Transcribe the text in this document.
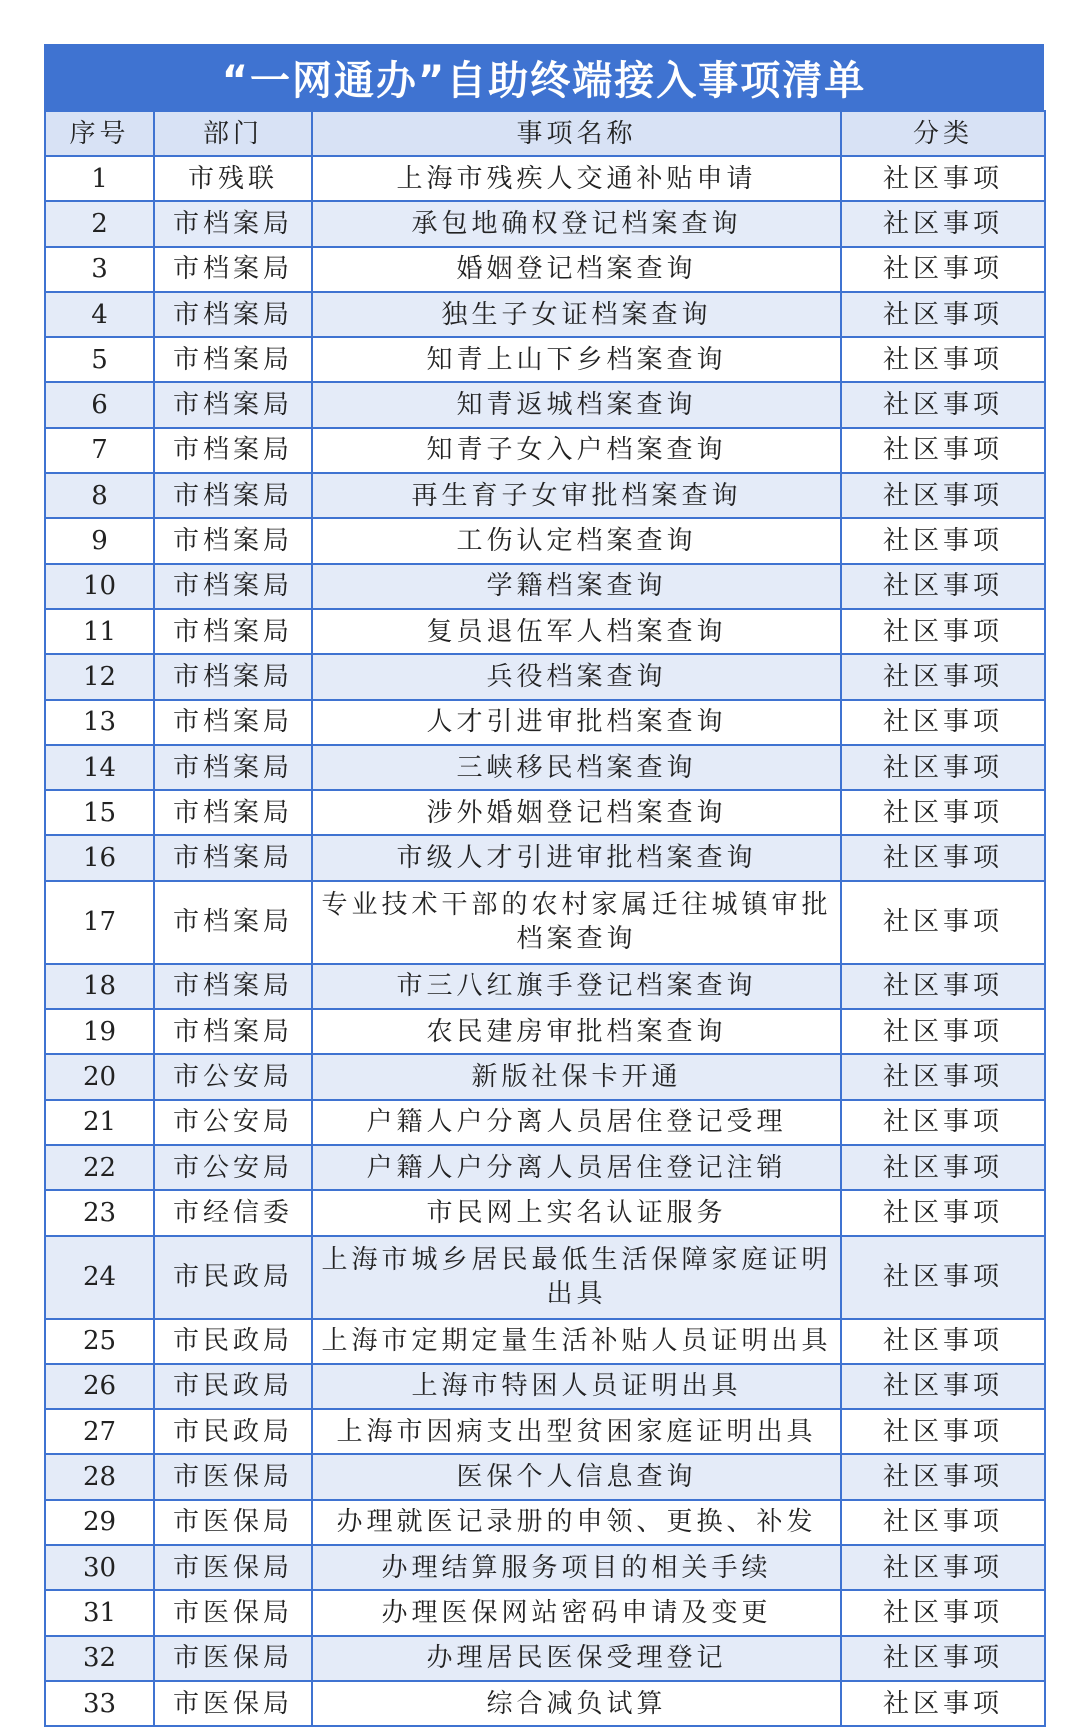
“一网通办”自助终端接入事项清单
序号	部门	事项名称	分类
1	市残联	上海市残疾人交通补贴申请	社区事项
2	市档案局	承包地确权登记档案查询	社区事项
3	市档案局	婚姻登记档案查询	社区事项
4	市档案局	独生子女证档案查询	社区事项
5	市档案局	知青上山下乡档案查询	社区事项
6	市档案局	知青返城档案查询	社区事项
7	市档案局	知青子女入户档案查询	社区事项
8	市档案局	再生育子女审批档案查询	社区事项
9	市档案局	工伤认定档案查询	社区事项
10	市档案局	学籍档案查询	社区事项
11	市档案局	复员退伍军人档案查询	社区事项
12	市档案局	兵役档案查询	社区事项
13	市档案局	人才引进审批档案查询	社区事项
14	市档案局	三峡移民档案查询	社区事项
15	市档案局	涉外婚姻登记档案查询	社区事项
16	市档案局	市级人才引进审批档案查询	社区事项
17	市档案局	专业技术干部的农村家属迁往城镇审批档案查询	社区事项
18	市档案局	市三八红旗手登记档案查询	社区事项
19	市档案局	农民建房审批档案查询	社区事项
20	市公安局	新版社保卡开通	社区事项
21	市公安局	户籍人户分离人员居住登记受理	社区事项
22	市公安局	户籍人户分离人员居住登记注销	社区事项
23	市经信委	市民网上实名认证服务	社区事项
24	市民政局	上海市城乡居民最低生活保障家庭证明出具	社区事项
25	市民政局	上海市定期定量生活补贴人员证明出具	社区事项
26	市民政局	上海市特困人员证明出具	社区事项
27	市民政局	上海市因病支出型贫困家庭证明出具	社区事项
28	市医保局	医保个人信息查询	社区事项
29	市医保局	办理就医记录册的申领、更换、补发	社区事项
30	市医保局	办理结算服务项目的相关手续	社区事项
31	市医保局	办理医保网站密码申请及变更	社区事项
32	市医保局	办理居民医保受理登记	社区事项
33	市医保局	综合减负试算	社区事项
